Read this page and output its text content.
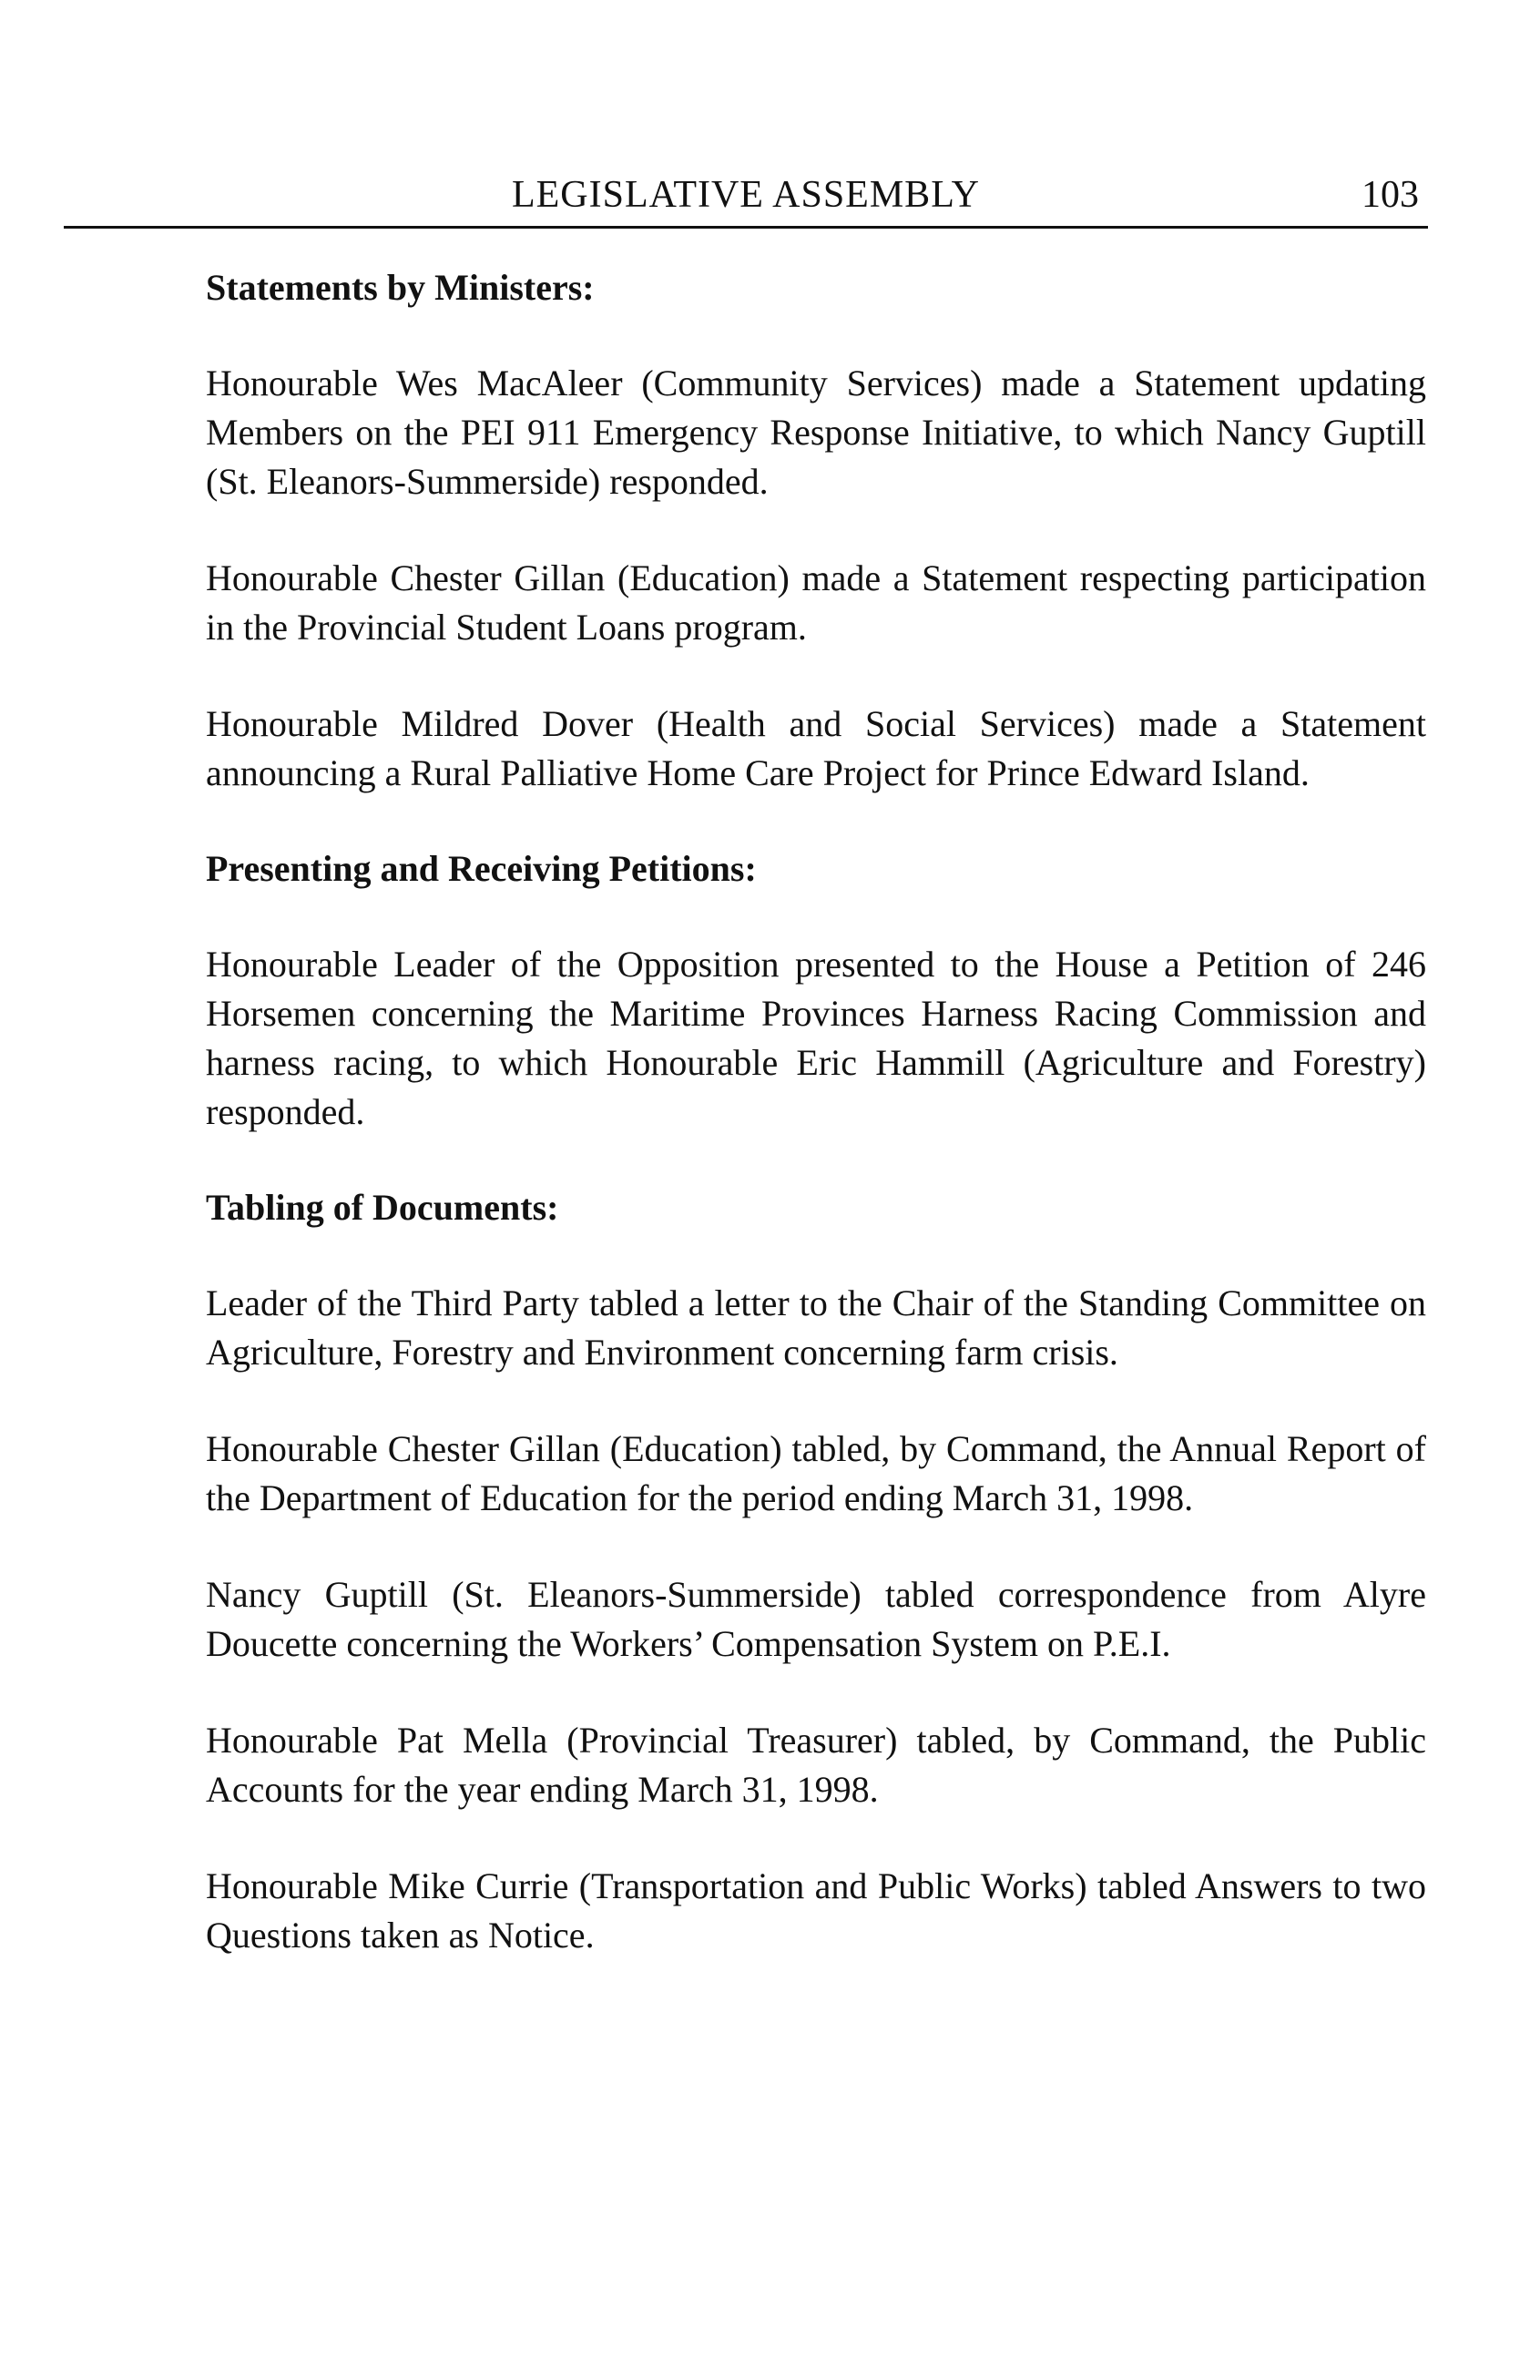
LEGISLATIVE ASSEMBLY	103
Statements by Ministers:

Honourable Wes MacAleer (Community Services) made a Statement updating Members on the PEI 911 Emergency Response Initiative, to which Nancy Guptill (St. Eleanors-Summerside) responded.

Honourable Chester Gillan (Education) made a Statement respecting participation in the Provincial Student Loans program.

Honourable Mildred Dover (Health and Social Services) made a Statement announcing a Rural Palliative Home Care Project for Prince Edward Island.

Presenting and Receiving Petitions:

Honourable Leader of the Opposition presented to the House a Petition of 246 Horsemen concerning the Maritime Provinces Harness Racing Commission and harness racing, to which Honourable Eric Hammill (Agriculture and Forestry) responded.

Tabling of Documents:

Leader of the Third Party tabled a letter to the Chair of the Standing Committee on Agriculture, Forestry and Environment concerning farm crisis.

Honourable Chester Gillan (Education) tabled, by Command, the Annual Report of the Department of Education for the period ending March 31, 1998.

Nancy Guptill (St. Eleanors-Summerside) tabled correspondence from Alyre Doucette concerning the Workers’ Compensation System on P.E.I.

Honourable Pat Mella (Provincial Treasurer) tabled, by Command, the Public Accounts for the year ending March 31, 1998.

Honourable Mike Currie (Transportation and Public Works) tabled Answers to two Questions taken as Notice.
